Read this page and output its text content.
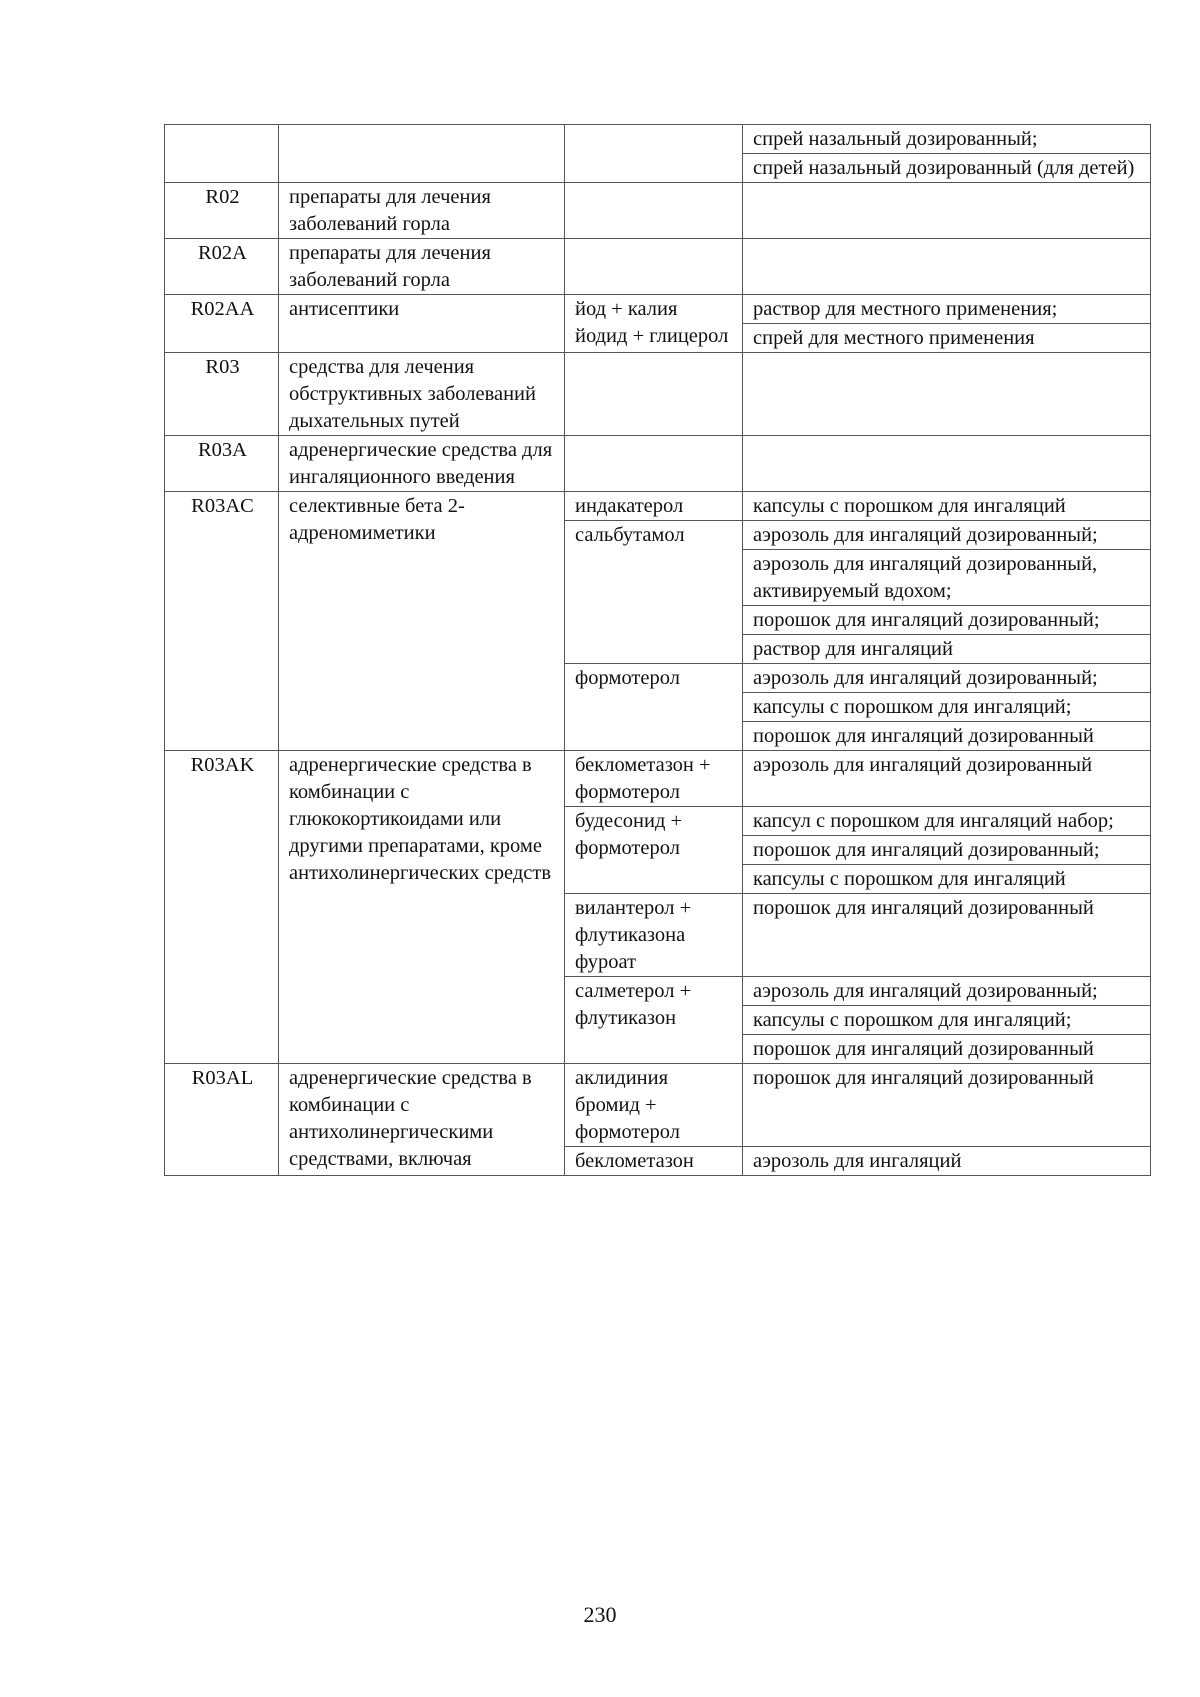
			спрей назальный дозированный;
			спрей назальный дозированный (для детей)
R02	препараты для лечения заболеваний горла		
R02A	препараты для лечения заболеваний горла		
R02AA	антисептики	йод + калия йодид + глицерол	раствор для местного применения;
			спрей для местного применения
R03	средства для лечения обструктивных заболеваний дыхательных путей		
R03A	адренергические средства для ингаляционного введения		
R03AC	селективные бета 2-адреномиметики	индакатерол	капсулы с порошком для ингаляций
		сальбутамол	аэрозоль для ингаляций дозированный;
			аэрозоль для ингаляций дозированный, активируемый вдохом;
			порошок для ингаляций дозированный;
			раствор для ингаляций
		формотерол	аэрозоль для ингаляций дозированный;
			капсулы с порошком для ингаляций;
			порошок для ингаляций дозированный
R03AK	адренергические средства в комбинации с глюкокортикоидами или другими препаратами, кроме антихолинергических средств	беклометазон + формотерол	аэрозоль для ингаляций дозированный
		будесонид + формотерол	капсул с порошком для ингаляций набор;
			порошок для ингаляций дозированный;
			капсулы с порошком для ингаляций
		вилантерол + флутиказона фуроат	порошок для ингаляций дозированный
		салметерол + флутиказон	аэрозоль для ингаляций дозированный;
			капсулы с порошком для ингаляций;
			порошок для ингаляций дозированный
R03AL	адренергические средства в комбинации с антихолинергическими средствами, включая	аклидиния бромид + формотерол	порошок для ингаляций дозированный
		беклометазон	аэрозоль для ингаляций
230
